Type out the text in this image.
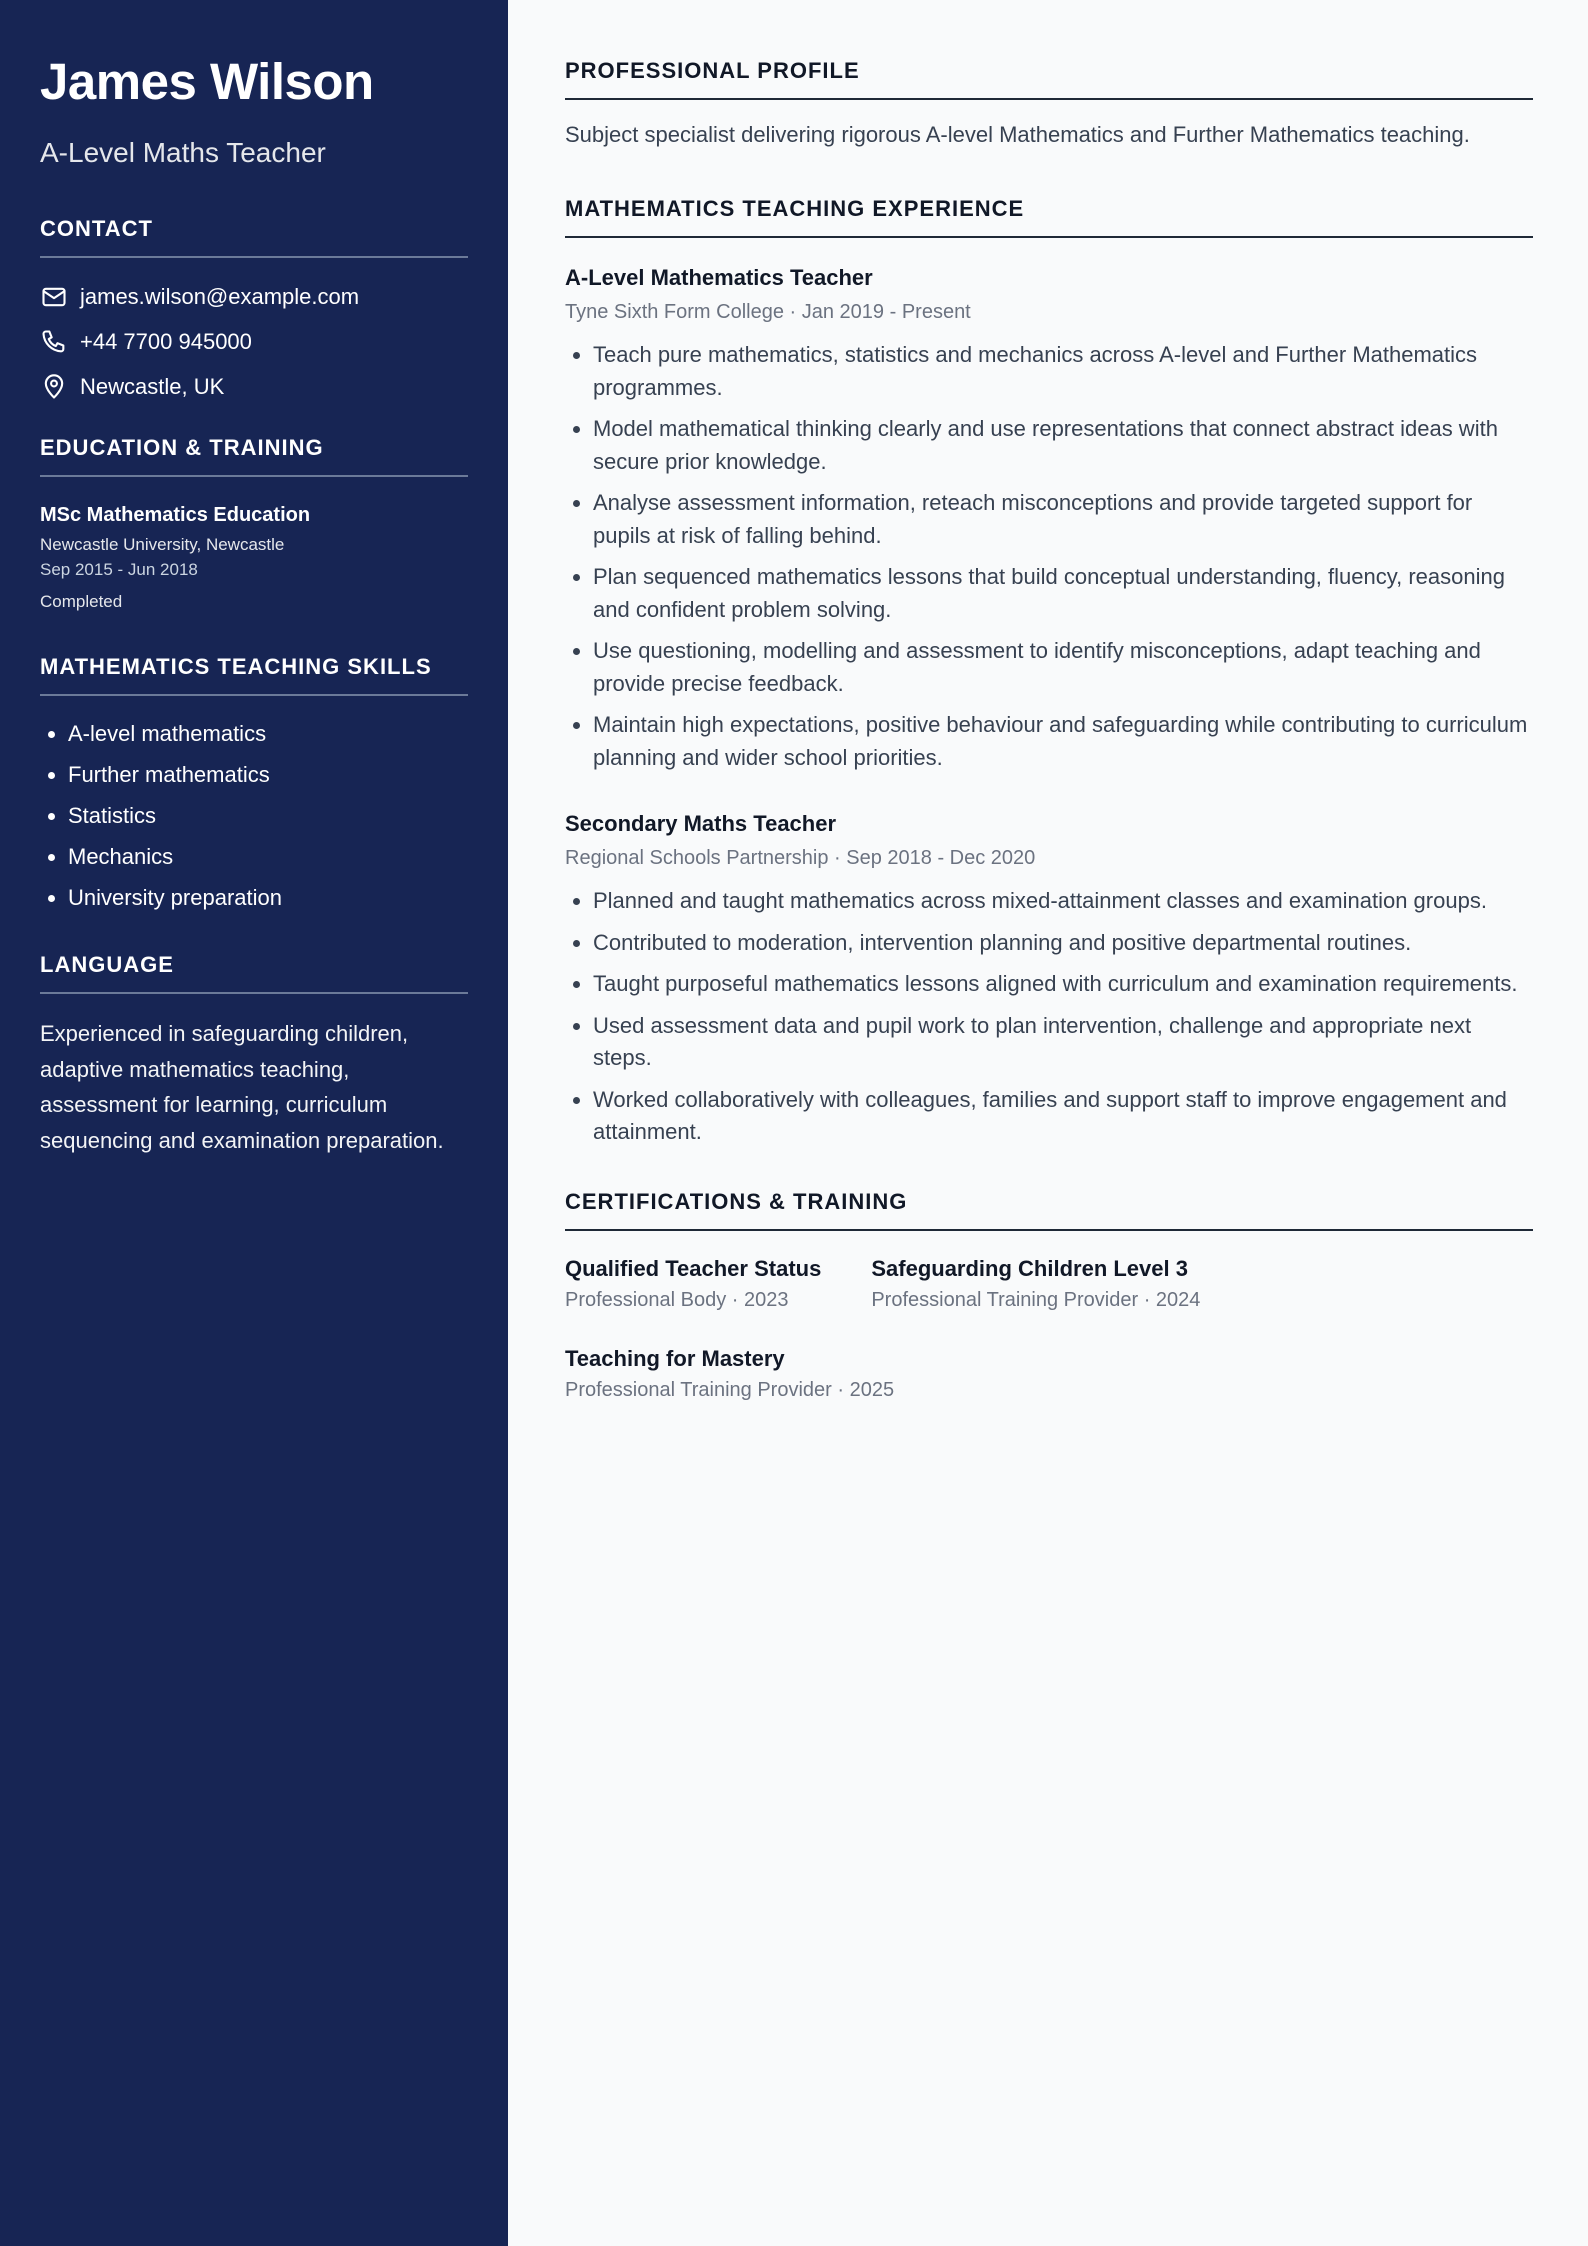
James Wilson
A-Level Maths Teacher
CONTACT
james.wilson@example.com
+44 7700 945000
Newcastle, UK
EDUCATION & TRAINING
MSc Mathematics Education
Newcastle University, Newcastle
Sep 2015 - Jun 2018
Completed
MATHEMATICS TEACHING SKILLS
• A-level mathematics
• Further mathematics
• Statistics
• Mechanics
• University preparation
LANGUAGE

Experienced in safeguarding children, adaptive mathematics teaching, assessment for learning, curriculum sequencing and examination preparation.

PROFESSIONAL PROFILE

Subject specialist delivering rigorous A-level Mathematics and Further Mathematics teaching.

MATHEMATICS TEACHING EXPERIENCE
A-Level Mathematics Teacher
Tyne Sixth Form College · Jan 2019 - Present
• Teach pure mathematics, statistics and mechanics across A-level and Further Mathematics programmes.
• Model mathematical thinking clearly and use representations that connect abstract ideas with secure prior knowledge.
• Analyse assessment information, reteach misconceptions and provide targeted support for pupils at risk of falling behind.
• Plan sequenced mathematics lessons that build conceptual understanding, fluency, reasoning and confident problem solving.
• Use questioning, modelling and assessment to identify misconceptions, adapt teaching and provide precise feedback.
• Maintain high expectations, positive behaviour and safeguarding while contributing to curriculum planning and wider school priorities.
Secondary Maths Teacher
Regional Schools Partnership · Sep 2018 - Dec 2020
• Planned and taught mathematics across mixed-attainment classes and examination groups.
• Contributed to moderation, intervention planning and positive departmental routines.
• Taught purposeful mathematics lessons aligned with curriculum and examination requirements.
• Used assessment data and pupil work to plan intervention, challenge and appropriate next steps.
• Worked collaboratively with colleagues, families and support staff to improve engagement and attainment.
CERTIFICATIONS & TRAINING
Qualified Teacher Status
Professional Body · 2023
Safeguarding Children Level 3
Professional Training Provider · 2024
Teaching for Mastery
Professional Training Provider · 2025
